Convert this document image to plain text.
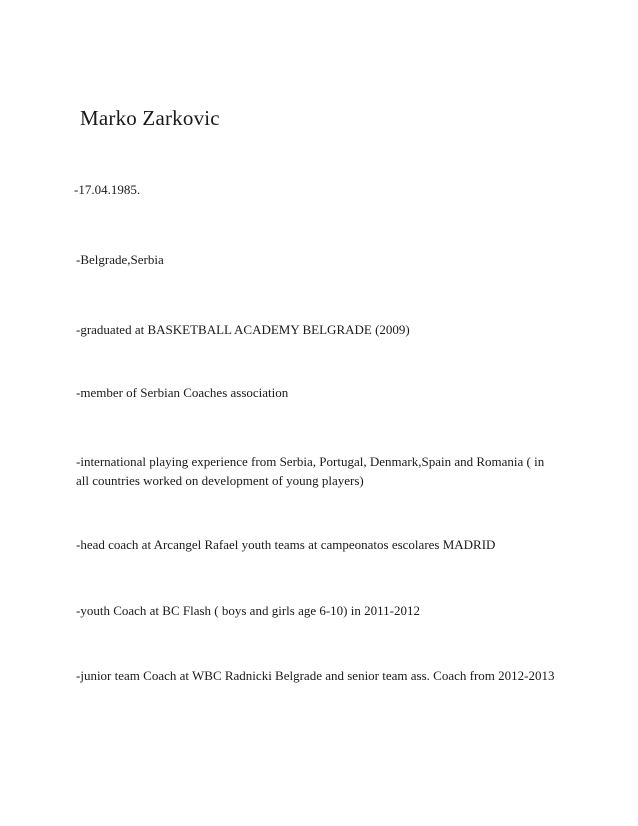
Marko Zarkovic

-17.04.1985.

-Belgrade,Serbia

-graduated at BASKETBALL ACADEMY BELGRADE (2009)

-member of Serbian Coaches association

-international playing experience from Serbia, Portugal, Denmark,Spain and Romania ( in all countries worked on development of young players)

-head coach at Arcangel Rafael youth teams at campeonatos escolares MADRID

-youth Coach at BC Flash ( boys and girls age 6-10) in 2011-2012

-junior team Coach at WBC Radnicki Belgrade and senior team ass. Coach from 2012-2013
